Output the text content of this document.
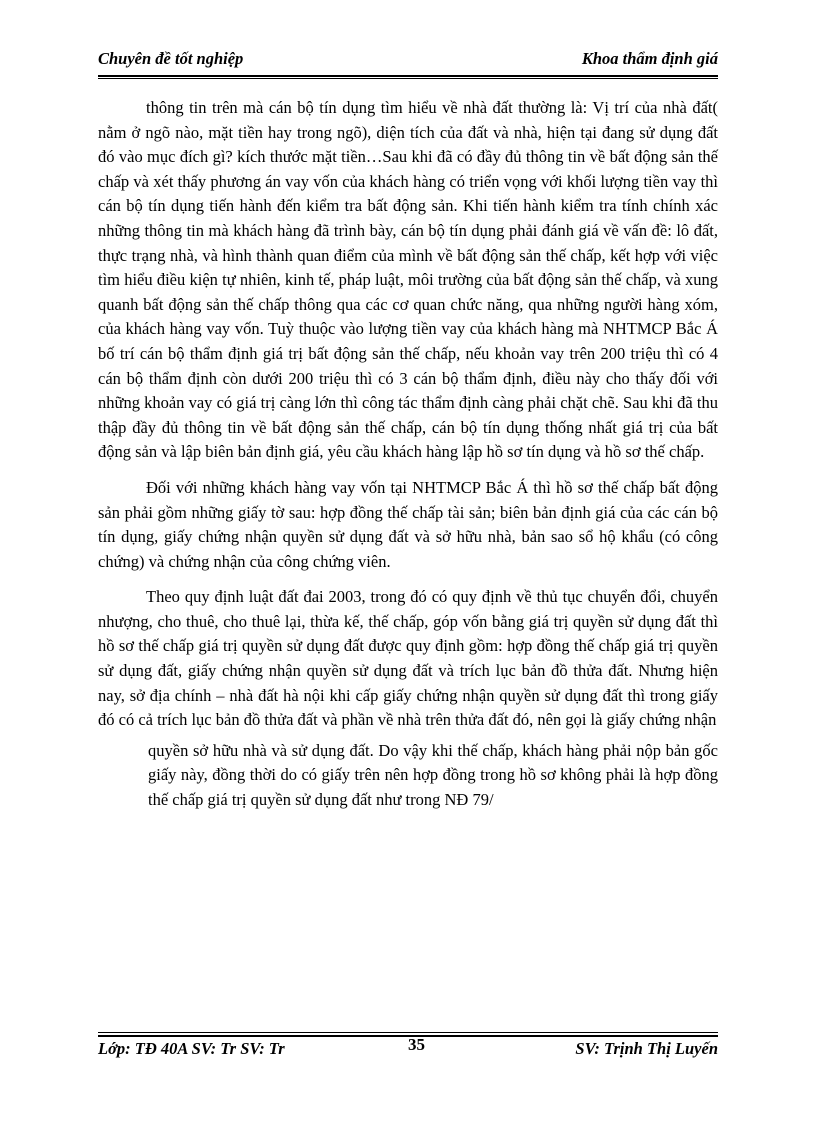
Chuyên đề tốt nghiệp	Khoa thẩm định giá

thông tin trên mà cán bộ tín dụng tìm hiểu về nhà đất thường là: Vị trí của nhà đất( nằm ở ngõ nào, mặt tiền hay trong ngõ), diện tích của đất và nhà, hiện tại đang sử dụng đất đó vào mục đích gì? kích thước mặt tiền…Sau khi đã có đầy đủ thông tin về bất động sản thế chấp và xét thấy phương án vay vốn của khách hàng có triển vọng với khối lượng tiền vay thì cán bộ tín dụng tiến hành đến kiểm tra bất động sản. Khi tiến hành kiểm tra tính chính xác những thông tin mà khách hàng đã trình bày, cán bộ tín dụng phải đánh giá về vấn đề: lô đất, thực trạng nhà, và hình thành quan điểm của mình về bất động sản thế chấp, kết hợp với việc tìm hiểu điều kiện tự nhiên, kinh tế, pháp luật, môi trường của bất động sản thế chấp, và xung quanh bất động sản thế chấp thông qua các cơ quan chức năng, qua những người hàng xóm, của khách hàng vay vốn. Tuỳ thuộc vào lượng tiền vay của khách hàng mà NHTMCP Bắc Á bố trí cán bộ thẩm định giá trị bất động sản thế chấp, nếu khoản vay trên 200 triệu thì có 4 cán bộ thẩm định còn dưới 200 triệu thì có 3 cán bộ thẩm định, điều này cho thấy đối với những khoản vay có giá trị càng lớn thì công tác thẩm định càng phải chặt chẽ. Sau khi đã thu thập đầy đủ thông tin về bất động sản thế chấp, cán bộ tín dụng thống nhất giá trị của bất động sản và lập biên bản định giá, yêu cầu khách hàng lập hồ sơ tín dụng và hồ sơ thế chấp.

Đối với những khách hàng vay vốn tại NHTMCP Bắc Á thì hồ sơ thế chấp bất động sản phải gồm những giấy tờ sau: hợp đồng thế chấp tài sản; biên bản định giá của các cán bộ tín dụng, giấy chứng nhận quyền sử dụng đất và sở hữu nhà, bản sao sổ hộ khẩu (có công chứng) và chứng nhận của công chứng viên.

Theo quy định luật đất đai 2003, trong đó có quy định về thủ tục chuyển đổi, chuyển nhượng, cho thuê, cho thuê lại, thừa kế, thế chấp, góp vốn bằng giá trị quyền sử dụng đất thì hồ sơ thế chấp giá trị quyền sử dụng đất được quy định gồm: hợp đồng thế chấp giá trị quyền sử dụng đất, giấy chứng nhận quyền sử dụng đất và trích lục bản đồ thửa đất. Nhưng hiện nay, sở địa chính – nhà đất hà nội khi cấp giấy chứng nhận quyền sử dụng đất thì trong giấy đó có cả trích lục bản đồ thửa đất và phần về nhà trên thửa đất đó, nên gọi là giấy chứng nhận

quyền sở hữu nhà và sử dụng đất. Do vậy khi thế chấp, khách hàng phải nộp bản gốc giấy này, đồng thời do có giấy trên nên hợp đồng trong hồ sơ không phải là hợp đồng thế chấp giá trị quyền sử dụng đất như trong NĐ 79/

Lớp: TĐ 40A SV: Tr SV: Tr	35	SV: Trịnh Thị Luyến
